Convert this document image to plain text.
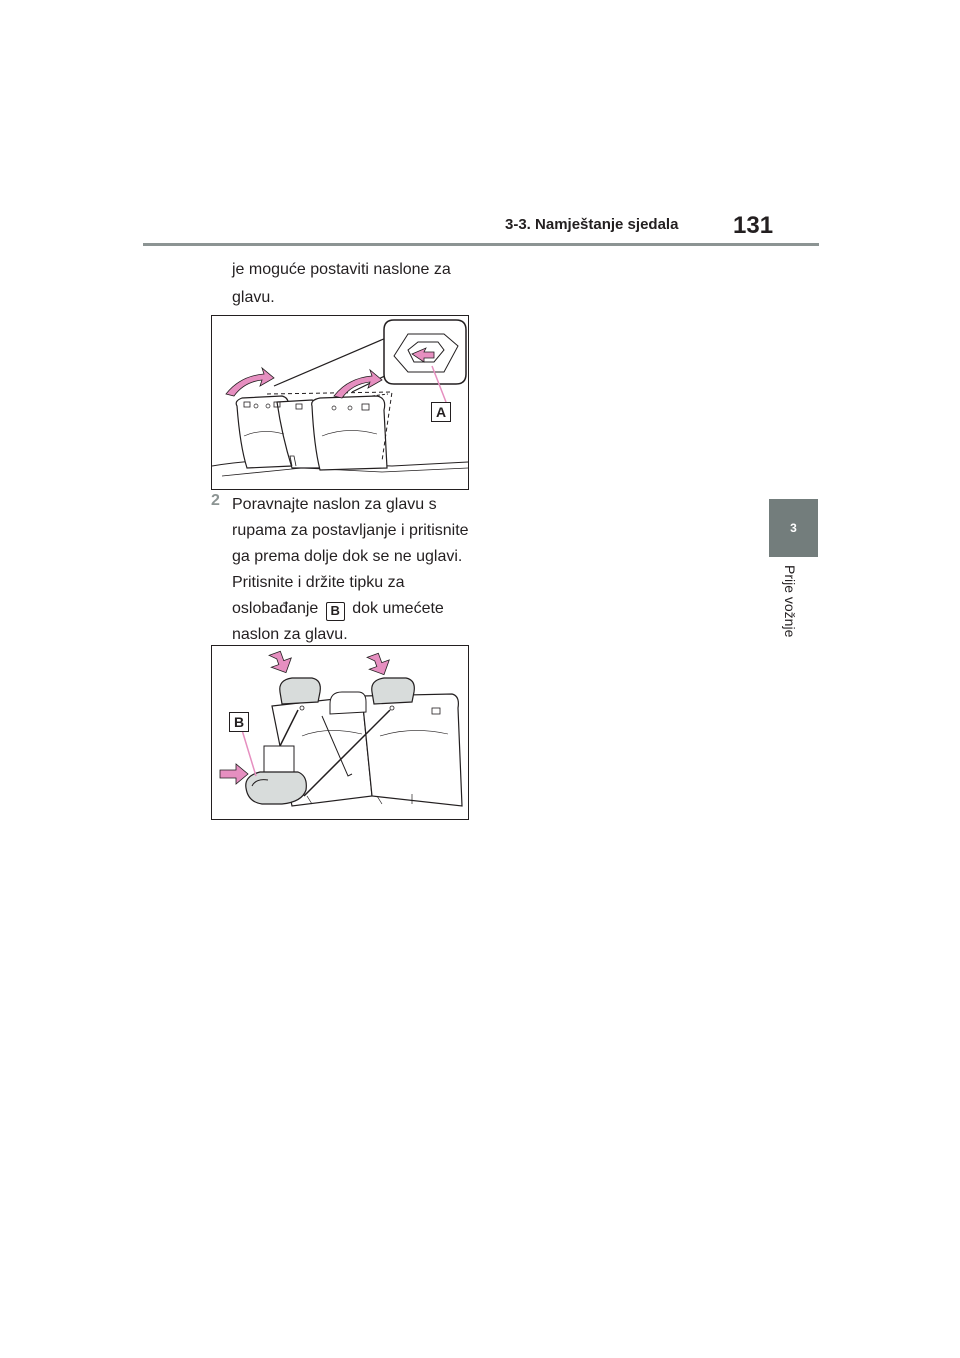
3-3. Namještanje sjedala 131
3
Prije vožnje
je moguće postaviti naslone za glavu.
A
2 Poravnajte naslon za glavu s rupama za postavljanje i pritisnite ga prema dolje dok se ne uglavi. Pritisnite i držite tipku za oslobađanje B dok umećete naslon za glavu.

B
